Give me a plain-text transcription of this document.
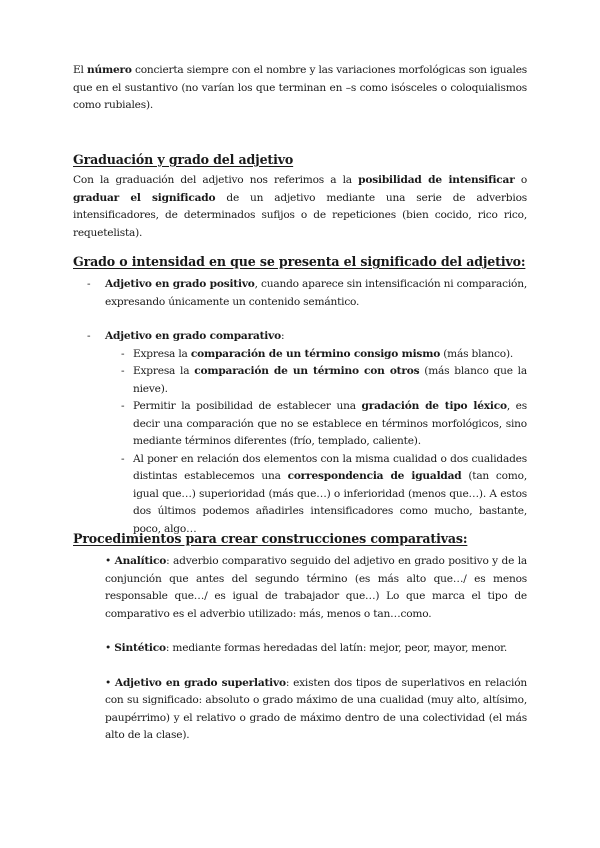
El número concierta siempre con el nombre y las variaciones morfológicas son iguales que en el sustantivo (no varían los que terminan en –s como isósceles o coloquialismos como rubiales).

Graduación y grado del adjetivo

Con la graduación del adjetivo nos referimos a la posibilidad de intensificar o graduar el significado de un adjetivo mediante una serie de adverbios intensificadores, de determinados sufijos o de repeticiones (bien cocido, rico rico, requetelista).

Grado o intensidad en que se presenta el significado del adjetivo:
- Adjetivo en grado positivo, cuando aparece sin intensificación ni comparación, expresando únicamente un contenido semántico.
- Adjetivo en grado comparativo:
- Expresa la comparación de un término consigo mismo (más blanco).
- Expresa la comparación de un término con otros (más blanco que la nieve).
- Permitir la posibilidad de establecer una gradación de tipo léxico, es decir una comparación que no se establece en términos morfológicos, sino mediante términos diferentes (frío, templado, caliente).
- Al poner en relación dos elementos con la misma cualidad o dos cualidades distintas establecemos una correspondencia de igualdad (tan como, igual que…) superioridad (más que…) o inferioridad (menos que…). A estos dos últimos podemos añadirles intensificadores como mucho, bastante, poco, algo…
Procedimientos para crear construcciones comparativas:

• Analítico: adverbio comparativo seguido del adjetivo en grado positivo y de la conjunción que antes del segundo término (es más alto que…/ es menos responsable que…/ es igual de trabajador que…) Lo que marca el tipo de comparativo es el adverbio utilizado: más, menos o tan…como.

• Sintético: mediante formas heredadas del latín: mejor, peor, mayor, menor.

• Adjetivo en grado superlativo: existen dos tipos de superlativos en relación con su significado: absoluto o grado máximo de una cualidad (muy alto, altísimo, paupérrimo) y el relativo o grado de máximo dentro de una colectividad (el más alto de la clase).
